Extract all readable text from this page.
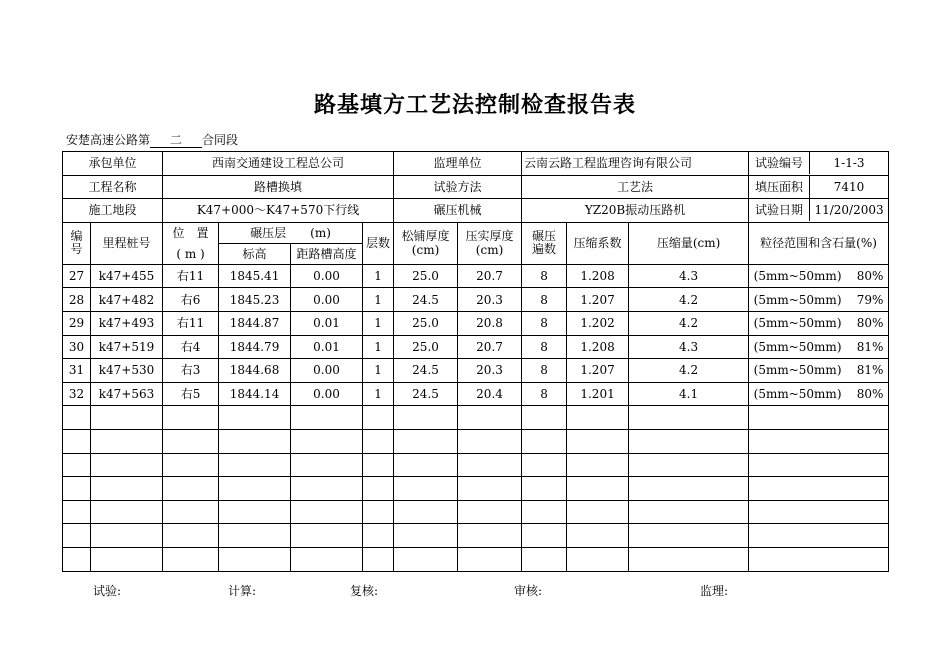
路基填方工艺法控制检查报告表
安楚高速公路第 二 合同段
承包单位		西南交通建设工程总公司				监理单位		云南云路工程监理咨询有限公司			试验编号 1-1-3

工程名称		路槽换填				试验方法		工艺法			填压面积 7410

施工地段		K47+000～K47+570下行线				碾压机械		YZ20B振动压路机			试验日期 11/20/2003

编号	里程桩号	位　置	碾压层　　(m)		层数	松铺厚度(cm)	压实厚度(cm)	碾压遍数	压缩系数	压缩量(cm)	粒径范围和含石量(%)
		( m )	标高	距路槽高度							
27	k47+455	右11	1845.41	0.00	1	25.0	20.7	8	1.208	4.3	(5mm~50mm) 80%
28	k47+482	右6	1845.23	0.00	1	24.5	20.3	8	1.207	4.2	(5mm~50mm) 79%
29	k47+493	右11	1844.87	0.01	1	25.0	20.8	8	1.202	4.2	(5mm~50mm) 80%
30	k47+519	右4	1844.79	0.01	1	25.0	20.7	8	1.208	4.3	(5mm~50mm) 81%
31	k47+530	右3	1844.68	0.00	1	24.5	20.3	8	1.207	4.2	(5mm~50mm) 81%
32	k47+563	右5	1844.14	0.00	1	24.5	20.4	8	1.201	4.1	(5mm~50mm) 80%

试验:	计算:	复核:	审核:	监理:
